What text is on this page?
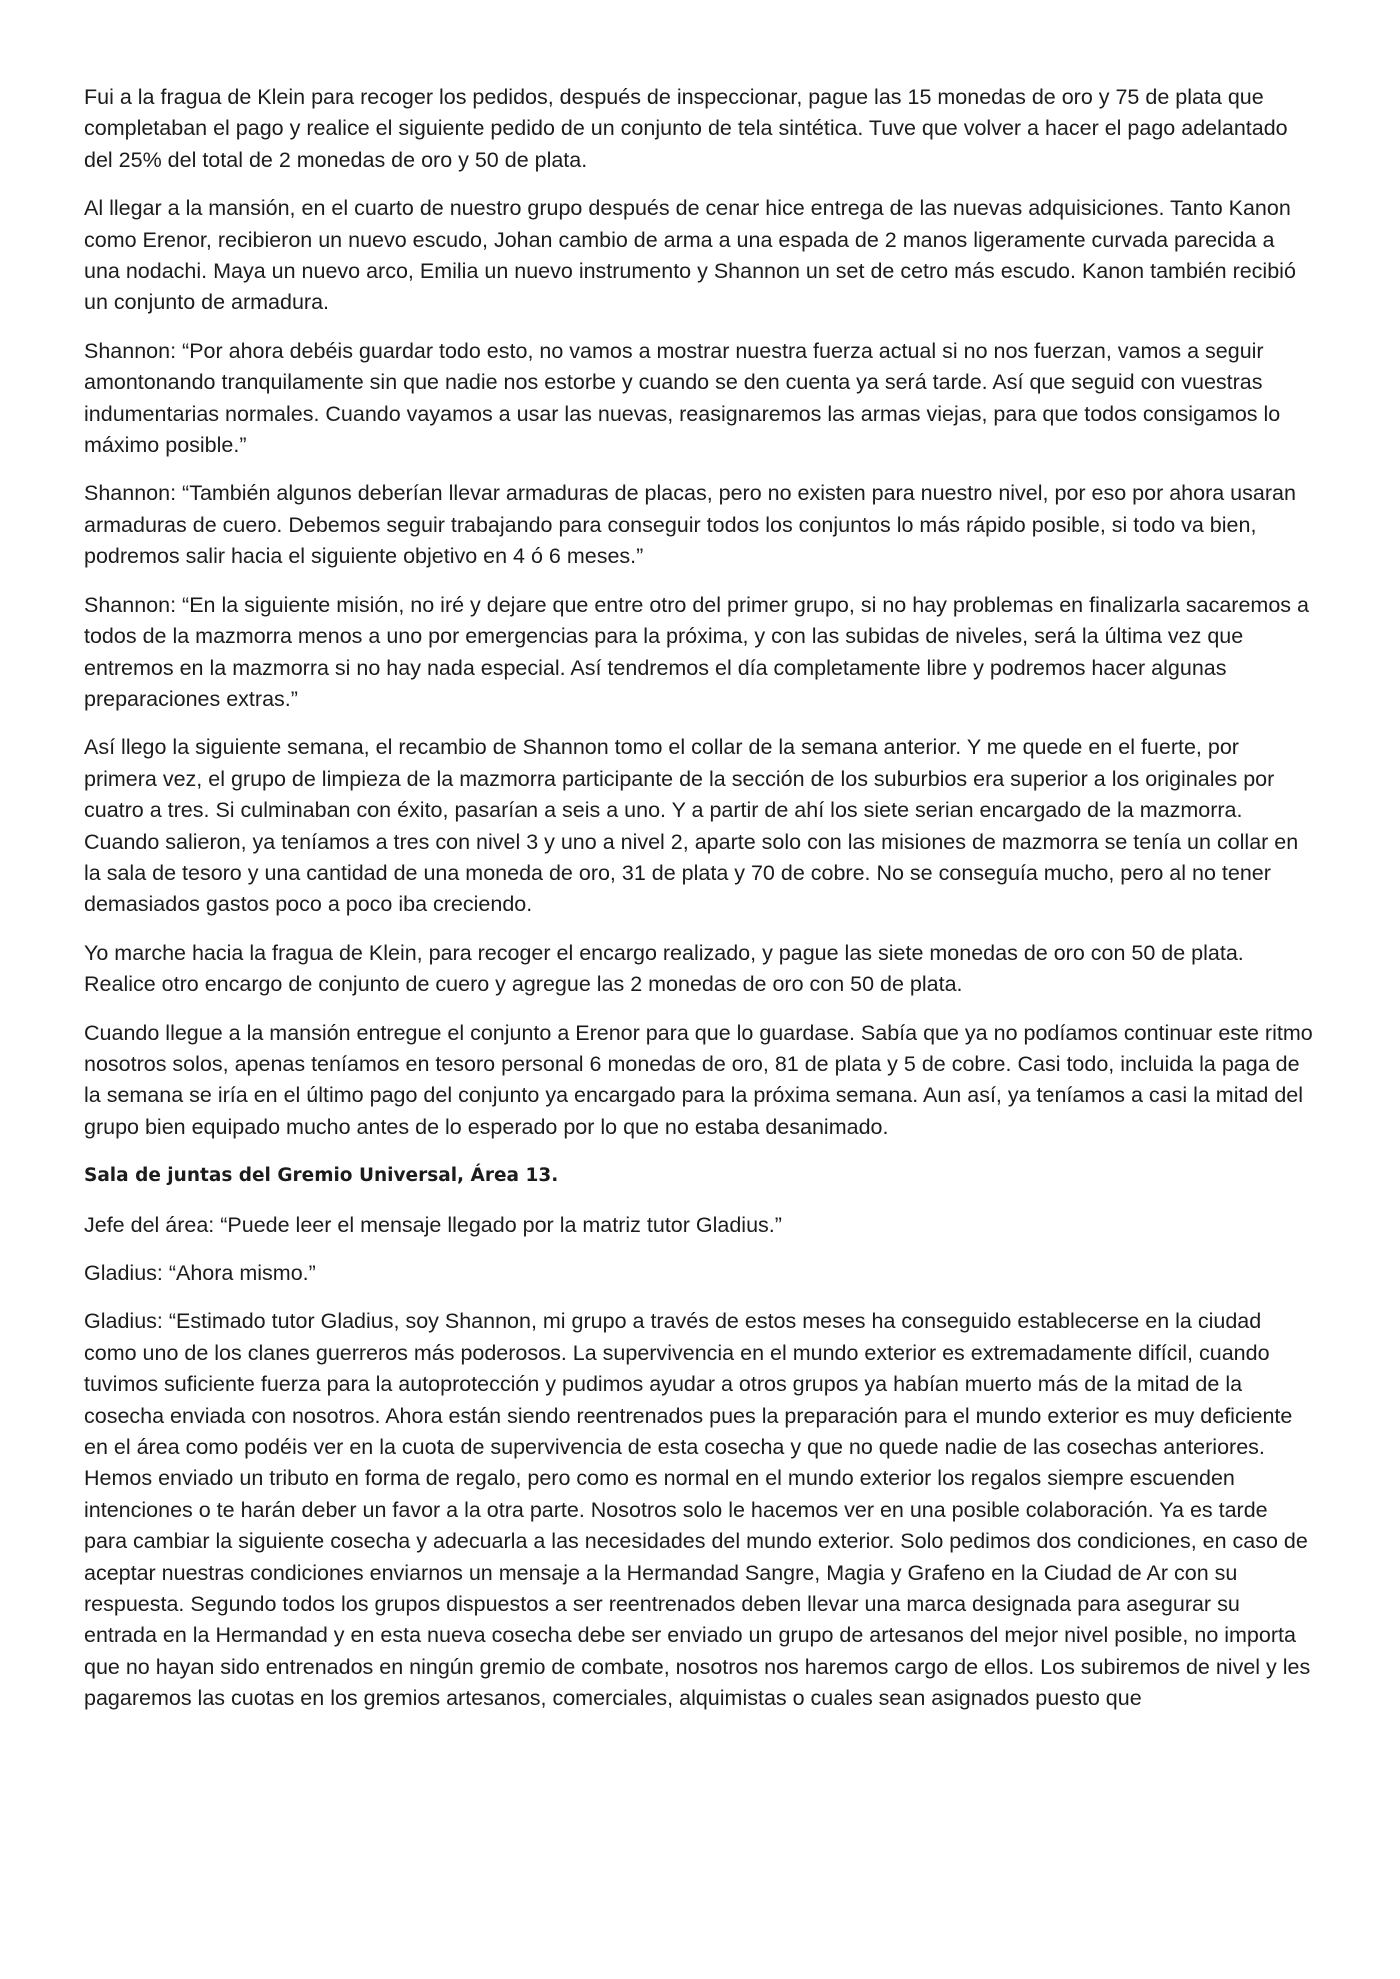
Fui a la fragua de Klein para recoger los pedidos, después de inspeccionar, pague las 15 monedas de oro y 75 de plata que completaban el pago y realice el siguiente pedido de un conjunto de tela sintética. Tuve que volver a hacer el pago adelantado del 25% del total de 2 monedas de oro y 50 de plata.

Al llegar a la mansión, en el cuarto de nuestro grupo después de cenar hice entrega de las nuevas adquisiciones. Tanto Kanon como Erenor, recibieron un nuevo escudo, Johan cambio de arma a una espada de 2 manos ligeramente curvada parecida a una nodachi. Maya un nuevo arco, Emilia un nuevo instrumento y Shannon un set de cetro más escudo. Kanon también recibió un conjunto de armadura.

Shannon: “Por ahora debéis guardar todo esto, no vamos a mostrar nuestra fuerza actual si no nos fuerzan, vamos a seguir amontonando tranquilamente sin que nadie nos estorbe y cuando se den cuenta ya será tarde. Así que seguid con vuestras indumentarias normales. Cuando vayamos a usar las nuevas, reasignaremos las armas viejas, para que todos consigamos lo máximo posible.”

Shannon: “También algunos deberían llevar armaduras de placas, pero no existen para nuestro nivel, por eso por ahora usaran armaduras de cuero. Debemos seguir trabajando para conseguir todos los conjuntos lo más rápido posible, si todo va bien, podremos salir hacia el siguiente objetivo en 4 ó 6 meses.”

Shannon: “En la siguiente misión, no iré y dejare que entre otro del primer grupo, si no hay problemas en finalizarla sacaremos a todos de la mazmorra menos a uno por emergencias para la próxima, y con las subidas de niveles, será la última vez que entremos en la mazmorra si no hay nada especial. Así tendremos el día completamente libre y podremos hacer algunas preparaciones extras.”

Así llego la siguiente semana, el recambio de Shannon tomo el collar de la semana anterior. Y me quede en el fuerte, por primera vez, el grupo de limpieza de la mazmorra participante de la sección de los suburbios era superior a los originales por cuatro a tres. Si culminaban con éxito, pasarían a seis a uno. Y a partir de ahí los siete serian encargado de la mazmorra. Cuando salieron, ya teníamos a tres con nivel 3 y uno a nivel 2, aparte solo con las misiones de mazmorra se tenía un collar en la sala de tesoro y una cantidad de una moneda de oro, 31 de plata y 70 de cobre. No se conseguía mucho, pero al no tener demasiados gastos poco a poco iba creciendo.

Yo marche hacia la fragua de Klein, para recoger el encargo realizado, y pague las siete monedas de oro con 50 de plata. Realice otro encargo de conjunto de cuero y agregue las 2 monedas de oro con 50 de plata.

Cuando llegue a la mansión entregue el conjunto a Erenor para que lo guardase. Sabía que ya no podíamos continuar este ritmo nosotros solos, apenas teníamos en tesoro personal 6 monedas de oro, 81 de plata y 5 de cobre. Casi todo, incluida la paga de la semana se iría en el último pago del conjunto ya encargado para la próxima semana. Aun así, ya teníamos a casi la mitad del grupo bien equipado mucho antes de lo esperado por lo que no estaba desanimado.

Sala de juntas del Gremio Universal, Área 13.

Jefe del área: “Puede leer el mensaje llegado por la matriz tutor Gladius.”

Gladius: “Ahora mismo.”

Gladius: “Estimado tutor Gladius, soy Shannon, mi grupo a través de estos meses ha conseguido establecerse en la ciudad como uno de los clanes guerreros más poderosos. La supervivencia en el mundo exterior es extremadamente difícil, cuando tuvimos suficiente fuerza para la autoprotección y pudimos ayudar a otros grupos ya habían muerto más de la mitad de la cosecha enviada con nosotros. Ahora están siendo reentrenados pues la preparación para el mundo exterior es muy deficiente en el área como podéis ver en la cuota de supervivencia de esta cosecha y que no quede nadie de las cosechas anteriores. Hemos enviado un tributo en forma de regalo, pero como es normal en el mundo exterior los regalos siempre escuenden intenciones o te harán deber un favor a la otra parte. Nosotros solo le hacemos ver en una posible colaboración. Ya es tarde para cambiar la siguiente cosecha y adecuarla a las necesidades del mundo exterior. Solo pedimos dos condiciones, en caso de aceptar nuestras condiciones enviarnos un mensaje a la Hermandad Sangre, Magia y Grafeno en la Ciudad de Ar con su respuesta. Segundo todos los grupos dispuestos a ser reentrenados deben llevar una marca designada para asegurar su entrada en la Hermandad y en esta nueva cosecha debe ser enviado un grupo de artesanos del mejor nivel posible, no importa que no hayan sido entrenados en ningún gremio de combate, nosotros nos haremos cargo de ellos. Los subiremos de nivel y les pagaremos las cuotas en los gremios artesanos, comerciales, alquimistas o cuales sean asignados puesto que
